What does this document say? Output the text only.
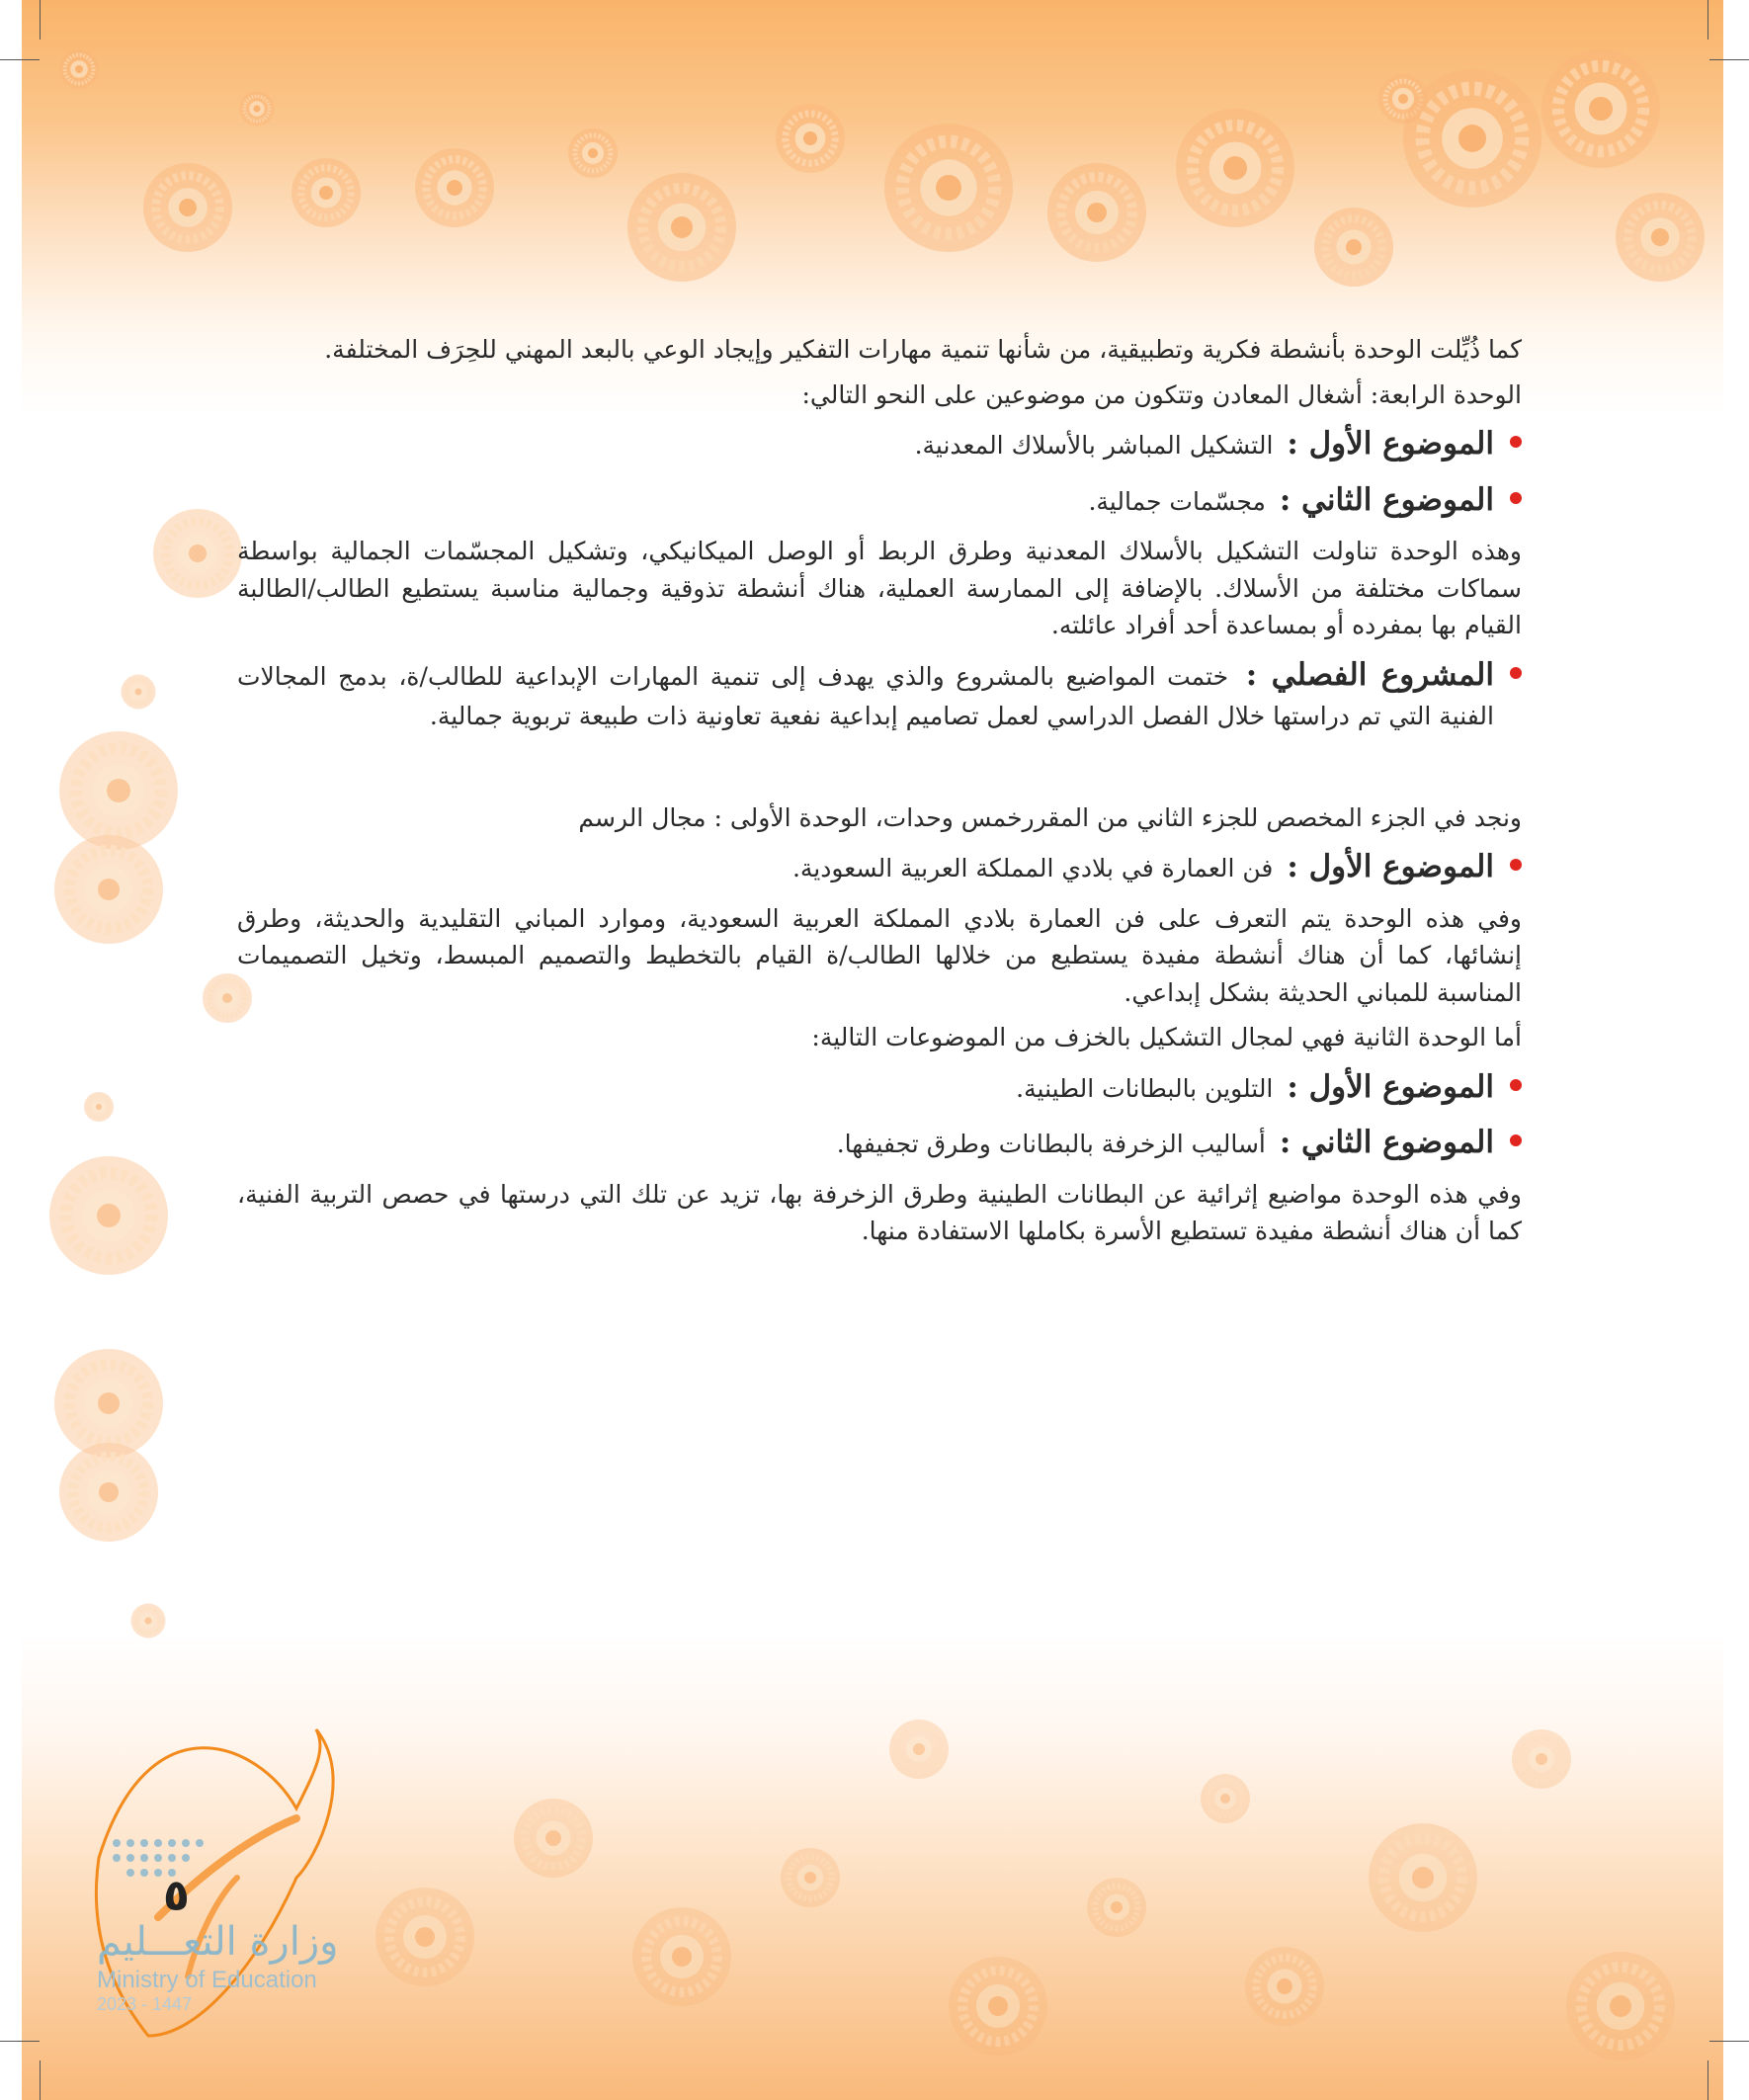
كما ذُيِّلت الوحدة بأنشطة فكرية وتطبيقية، من شأنها تنمية مهارات التفكير وإيجاد الوعي بالبعد المهني للحِرَف المختلفة.

الوحدة الرابعة: أشغال المعادن وتتكون من موضوعين على النحو التالي:

الموضوع الأول : التشكيل المباشر بالأسلاك المعدنية.
الموضوع الثاني : مجسّمات جمالية.

وهذه الوحدة تناولت التشكيل بالأسلاك المعدنية وطرق الربط أو الوصل الميكانيكي، وتشكيل المجسّمات الجمالية بواسطة سماكات مختلفة من الأسلاك. بالإضافة إلى الممارسة العملية، هناك أنشطة تذوقية وجمالية مناسبة يستطيع الطالب/الطالبة القيام بها بمفرده أو بمساعدة أحد أفراد عائلته.

المشروع الفصلي : ختمت المواضيع بالمشروع والذي يهدف إلى تنمية المهارات الإبداعية للطالب/ة، بدمج المجالات الفنية التي تم دراستها خلال الفصل الدراسي لعمل تصاميم إبداعية نفعية تعاونية ذات طبيعة تربوية جمالية.

ونجد في الجزء المخصص للجزء الثاني من المقررخمس وحدات، الوحدة الأولى : مجال الرسم

الموضوع الأول : فن العمارة في بلادي المملكة العربية السعودية.

وفي هذه الوحدة يتم التعرف على فن العمارة بلادي المملكة العربية السعودية، وموارد المباني التقليدية والحديثة، وطرق إنشائها، كما أن هناك أنشطة مفيدة يستطيع من خلالها الطالب/ة القيام بالتخطيط والتصميم المبسط، وتخيل التصميمات المناسبة للمباني الحديثة بشكل إبداعي.

أما الوحدة الثانية فهي لمجال التشكيل بالخزف من الموضوعات التالية:

الموضوع الأول : التلوين بالبطانات الطينية.
الموضوع الثاني : أساليب الزخرفة بالبطانات وطرق تجفيفها.

وفي هذه الوحدة مواضيع إثرائية عن البطانات الطينية وطرق الزخرفة بها، تزيد عن تلك التي درستها في حصص التربية الفنية، كما أن هناك أنشطة مفيدة تستطيع الأسرة بكاملها الاستفادة منها.

٥
وزارة التعـــليم
Ministry of Education
2023 - 1447
